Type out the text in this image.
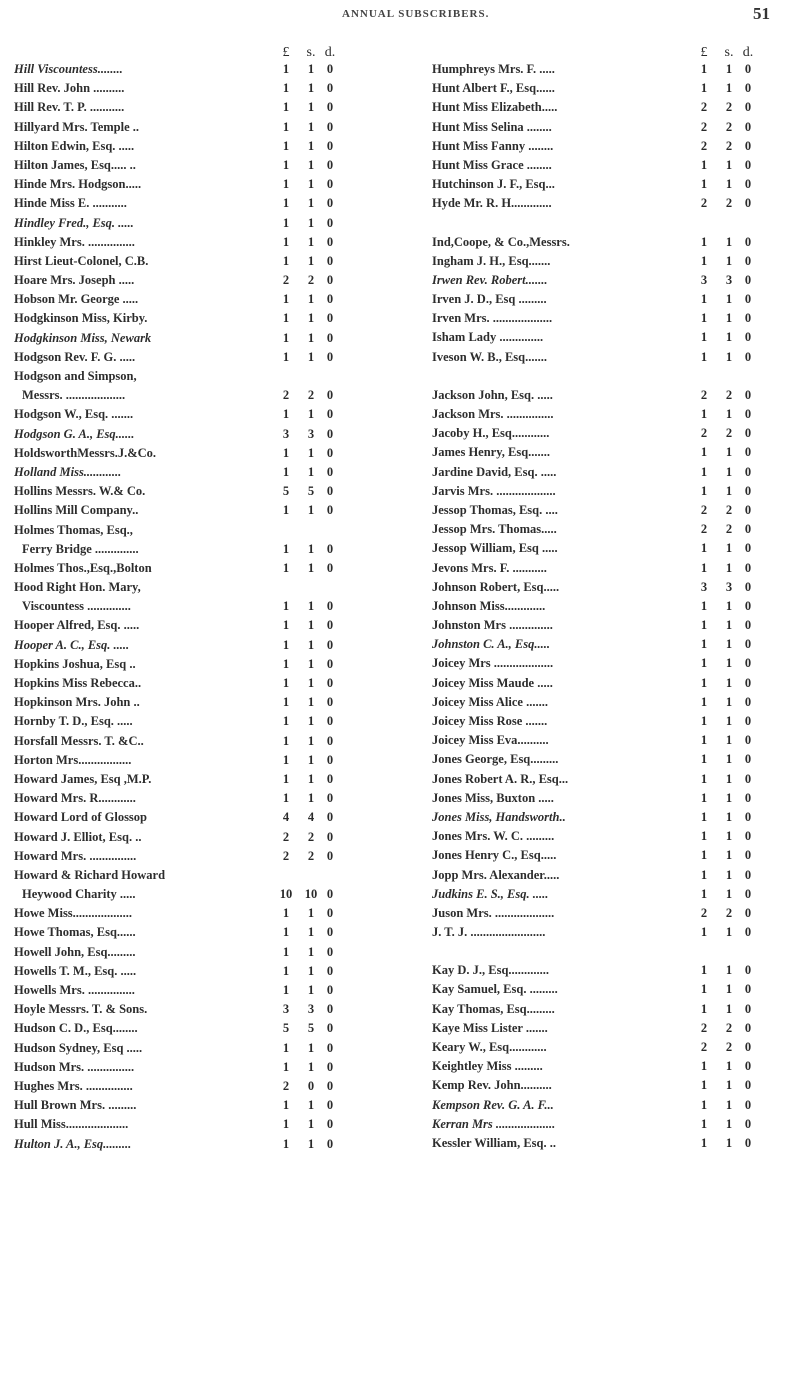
ANNUAL SUBSCRIBERS.	51
£	s. d.
Hill Viscountess........	1	1	0
Hill Rev. John ..........	1	1	0
Hill Rev. T. P. ...........	1	1	0
Hillyard Mrs. Temple ..	1	1	0
Hilton Edwin, Esq. .....	1	1	0
Hilton James, Esq..... ..	1	1	0
Hinde Mrs. Hodgson.....	1	1	0
Hinde Miss E. ...........	1	1	0
Hindley Fred., Esq. .....	1	1	0
Hinkley Mrs. ...............	1	1	0
Hirst Lieut-Colonel, C.B.	1	1	0
Hoare Mrs. Joseph .....	2	2	0
Hobson Mr. George .....	1	1	0
Hodgkinson Miss, Kirby.	1	1	0
Hodgkinson Miss, Newark	1	1	0
Hodgson Rev. F. G. .....	1	1	0
Hodgson and Simpson,
Messrs. ...................	2	2	0
Hodgson W., Esq. .......	1	1	0
Hodgson G. A., Esq......	3	3	0
HoldsworthMessrs.J.&Co.	1	1	0
Holland Miss............	1	1	0
Hollins Messrs. W.& Co.	5	5	0
Hollins Mill Company..	1	1	0
Holmes Thomas, Esq.,
Ferry Bridge ..............	1	1	0
Holmes Thos.,Esq.,Bolton	1	1	0
Hood Right Hon. Mary,
Viscountess ..............	1	1	0
Hooper Alfred, Esq. .....	1	1	0
Hooper A. C., Esq. .....	1	1	0
Hopkins Joshua, Esq ..	1	1	0
Hopkins Miss Rebecca..	1	1	0
Hopkinson Mrs. John ..	1	1	0
Hornby T. D., Esq. .....	1	1	0
Horsfall Messrs. T. &C..	1	1	0
Horton Mrs.................	1	1	0
Howard James, Esq ,M.P.	1	1	0
Howard Mrs. R............	1	1	0
Howard Lord of Glossop	4	4	0
Howard J. Elliot, Esq. ..	2	2	0
Howard Mrs. ...............	2	2	0
Howard & Richard Howard
Heywood Charity .....	10 10 0
Howe Miss...................	1	1	0
Howe Thomas, Esq......	1	1	0
Howell John, Esq.........	1	1	0
Howells T. M., Esq. .....	1	1	0
Howells Mrs. ...............	1	1	0
Hoyle Messrs. T. & Sons.	3	3	0
Hudson C. D., Esq........	5	5	0
Hudson Sydney, Esq .....	1	1	0
Hudson Mrs. ...............	1	1	0
Hughes Mrs. ...............	2	0	0
Hull Brown Mrs. .........	1	1	0
Hull Miss....................	1	1	0
Hulton J. A., Esq.........	1	1	0
£	s. d.
Humphreys Mrs. F. .....	1	1	0
Hunt Albert F., Esq......	1	1	0
Hunt Miss Elizabeth.....	2	2	0
Hunt Miss Selina ........	2	2	0
Hunt Miss Fanny ........	2	2	0
Hunt Miss Grace ........	1	1	0
Hutchinson J. F., Esq...	1	1	0
Hyde Mr. R. H.............	2	2	0
Ind,Coope, & Co.,Messrs.	1	1	0
Ingham J. H., Esq.......	1	1	0
Irwen Rev. Robert.......	3	3	0
Irven J. D., Esq .........	1	1	0
Irven Mrs. ...................	1	1	0
Isham Lady ..............	1	1	0
Iveson W. B., Esq.......	1	1	0
Jackson John, Esq. .....	2	2	0
Jackson Mrs. ...............	1	1	0
Jacoby H., Esq............	2	2	0
James Henry, Esq.......	1	1	0
Jardine David, Esq. .....	1	1	0
Jarvis Mrs. ...................	1	1	0
Jessop Thomas, Esq. ....	2	2	0
Jessop Mrs. Thomas.....	2	2	0
Jessop William, Esq .....	1	1	0
Jevons Mrs. F. ...........	1	1	0
Johnson Robert, Esq.....	3	3	0
Johnson Miss.............	1	1	0
Johnston Mrs ..............	1	1	0
Johnston C. A., Esq.....	1	1	0
Joicey Mrs ...................	1	1	0
Joicey Miss Maude .....	1	1	0
Joicey Miss Alice .......	1	1	0
Joicey Miss Rose .......	1	1	0
Joicey Miss Eva..........	1	1	0
Jones George, Esq.........	1	1	0
Jones Robert A. R., Esq...	1	1	0
Jones Miss, Buxton .....	1	1	0
Jones Miss, Handsworth..	1	1	0
Jones Mrs. W. C. .........	1	1	0
Jones Henry C., Esq.....	1	1	0
Jopp Mrs. Alexander.....	1	1	0
Judkins E. S., Esq. .....	1	1	0
Juson Mrs. ...................	2	2	0
J. T. J. ........................	1	1	0
Kay D. J., Esq.............	1	1	0
Kay Samuel, Esq. .........	1	1	0
Kay Thomas, Esq.........	1	1	0
Kaye Miss Lister .......	2	2	0
Keary W., Esq............	2	2	0
Keightley Miss .........	1	1	0
Kemp Rev. John..........	1	1	0
Kempson Rev. G. A. F...	1	1	0
Kerran Mrs ...................	1	1	0
Kessler William, Esq. ..	1	1	0
